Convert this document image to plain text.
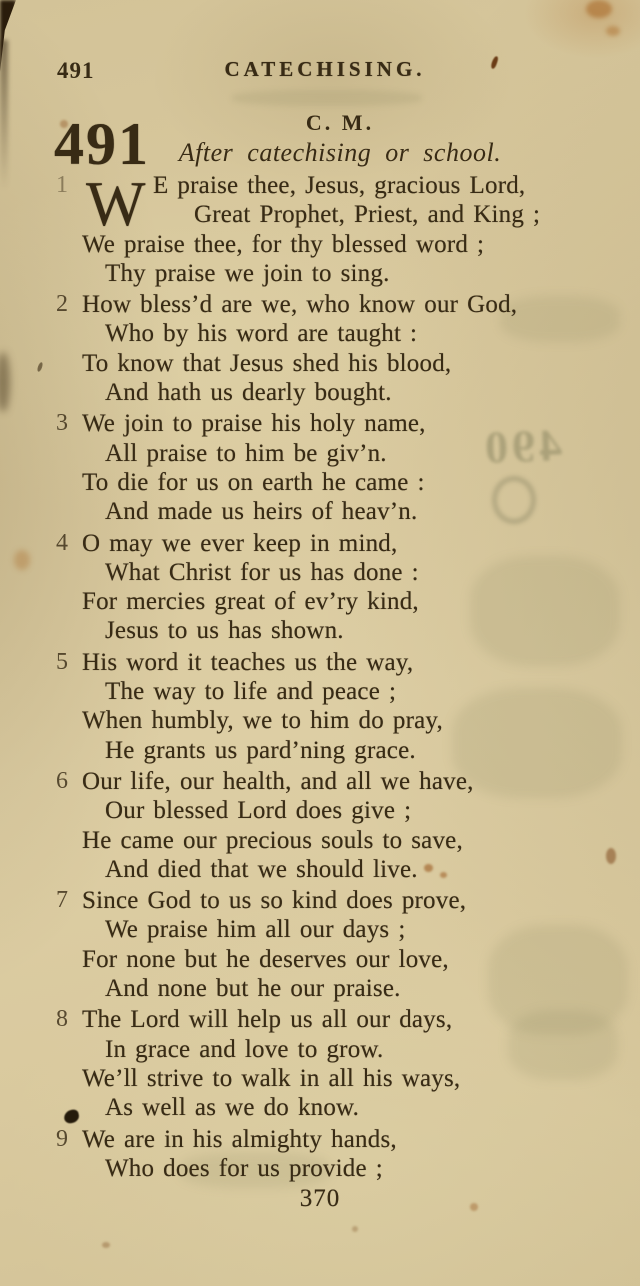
490
491	CATECHISING.
491	C. M.
After catechising or school.
1 W E praise thee, Jesus, gracious Lord,
Great Prophet, Priest, and King ;
We praise thee, for thy blessed word ;
Thy praise we join to sing.
2 How bless’d are we, who know our God,
Who by his word are taught :
To know that Jesus shed his blood,
And hath us dearly bought.
3 We join to praise his holy name,
All praise to him be giv’n.
To die for us on earth he came :
And made us heirs of heav’n.
4 O may we ever keep in mind,
What Christ for us has done :
For mercies great of ev’ry kind,
Jesus to us has shown.
5 His word it teaches us the way,
The way to life and peace ;
When humbly, we to him do pray,
He grants us pard’ning grace.
6 Our life, our health, and all we have,
Our blessed Lord does give ;
He came our precious souls to save,
And died that we should live.
7 Since God to us so kind does prove,
We praise him all our days ;
For none but he deserves our love,
And none but he our praise.
8 The Lord will help us all our days,
In grace and love to grow.
We’ll strive to walk in all his ways,
As well as we do know.
9 We are in his almighty hands,
Who does for us provide ;
370
